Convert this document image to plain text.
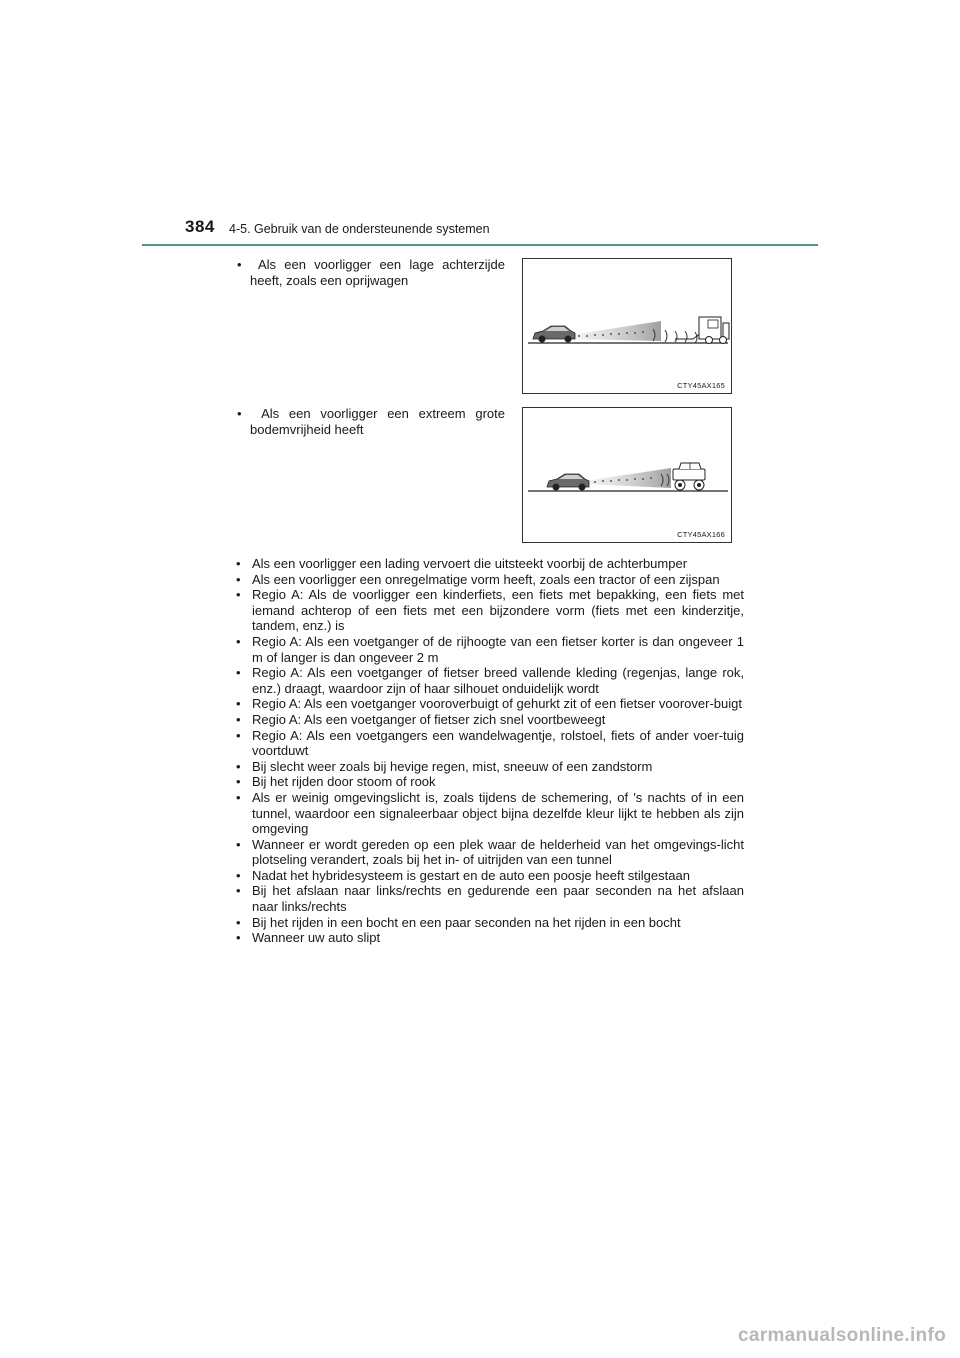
384 4-5. Gebruik van de ondersteunende systemen
•  Als een voorligger een lage achterzijde heeft, zoals een oprijwagen
CTY45AX165
•  Als een voorligger een extreem grote bodemvrijheid heeft
CTY45AX166
• Als een voorligger een lading vervoert die uitsteekt voorbij de achterbumper
• Als een voorligger een onregelmatige vorm heeft, zoals een tractor of een zijspan
• Regio A: Als de voorligger een kinderfiets, een fiets met bepakking, een fiets met iemand achterop of een fiets met een bijzondere vorm (fiets met een kinderzitje, tandem, enz.) is
• Regio A: Als een voetganger of de rijhoogte van een fietser korter is dan ongeveer 1 m of langer is dan ongeveer 2 m
• Regio A: Als een voetganger of fietser breed vallende kleding (regenjas, lange rok, enz.) draagt, waardoor zijn of haar silhouet onduidelijk wordt
• Regio A: Als een voetganger vooroverbuigt of gehurkt zit of een fietser voorover-buigt
• Regio A: Als een voetganger of fietser zich snel voortbeweegt
• Regio A: Als een voetgangers een wandelwagentje, rolstoel, fiets of ander voer-tuig voortduwt
• Bij slecht weer zoals bij hevige regen, mist, sneeuw of een zandstorm
• Bij het rijden door stoom of rook
• Als er weinig omgevingslicht is, zoals tijdens de schemering, of 's nachts of in een tunnel, waardoor een signaleerbaar object bijna dezelfde kleur lijkt te hebben als zijn omgeving
• Wanneer er wordt gereden op een plek waar de helderheid van het omgevings-licht plotseling verandert, zoals bij het in- of uitrijden van een tunnel
• Nadat het hybridesysteem is gestart en de auto een poosje heeft stilgestaan
• Bij het afslaan naar links/rechts en gedurende een paar seconden na het afslaan naar links/rechts
• Bij het rijden in een bocht en een paar seconden na het rijden in een bocht
• Wanneer uw auto slipt
carmanualsonline.info
